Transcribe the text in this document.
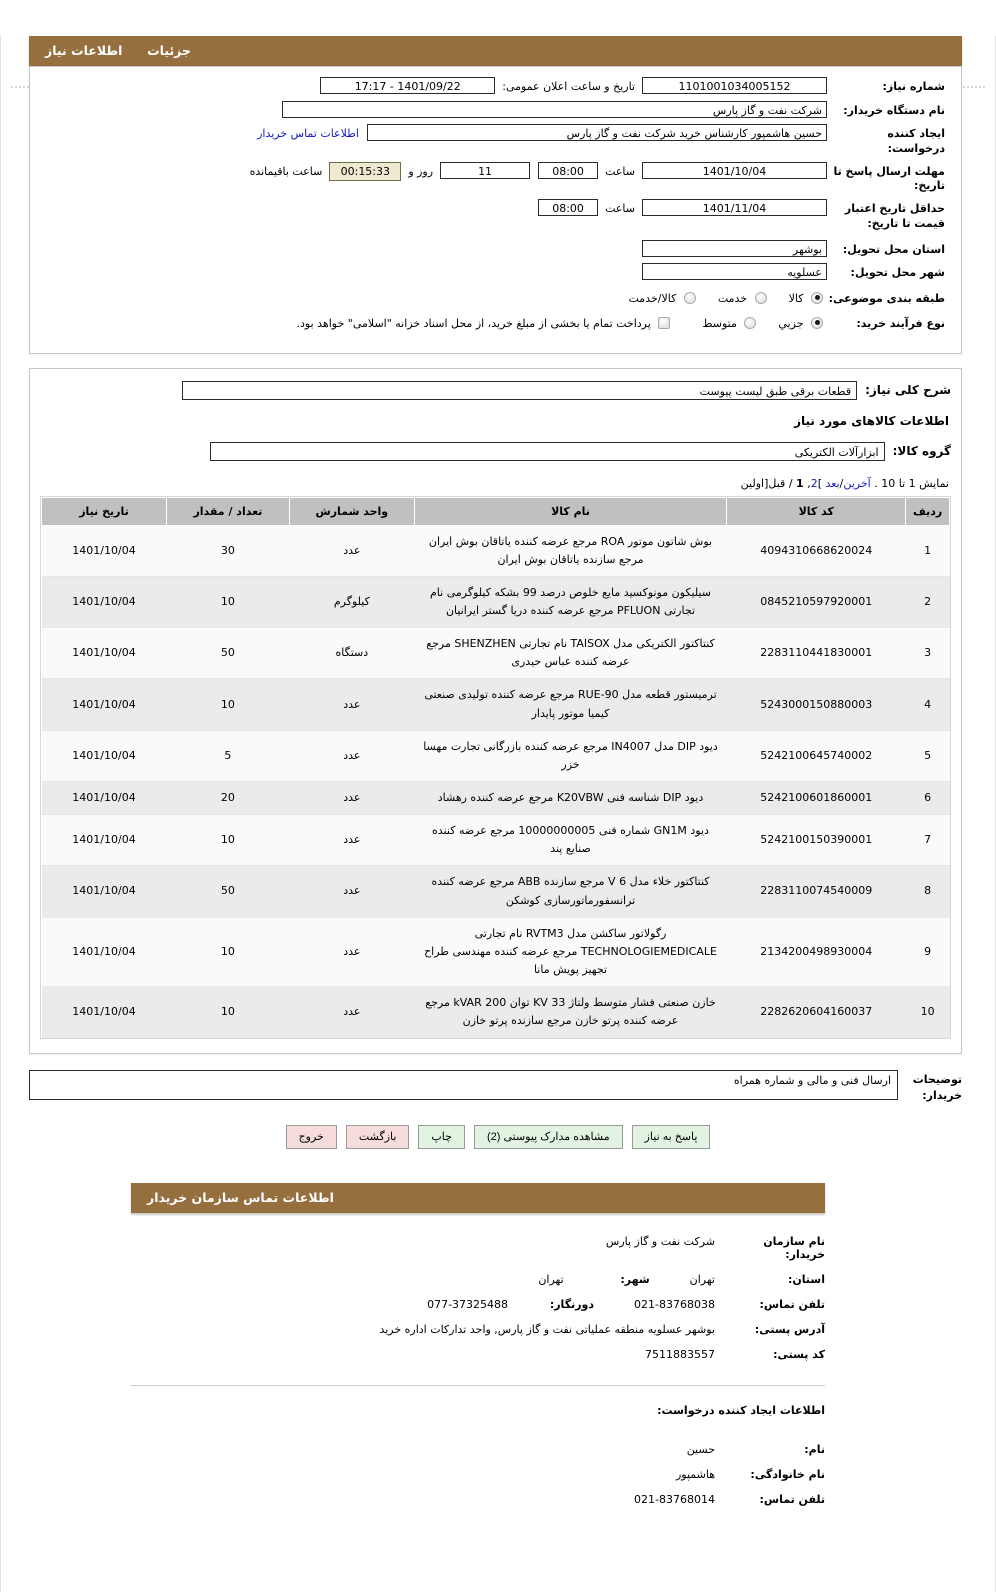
جزئیات  اطلاعات نیاز
شماره نیاز:
1101001034005152
تاریخ و ساعت اعلان عمومی:
1401/09/22 - 17:17
نام دستگاه خریدار:
شرکت نفت و گاز پارس
ایجاد کننده درخواست:
حسین هاشمپور کارشناس خرید شرکت نفت و گاز پارس
اطلاعات تماس خریدار
مهلت ارسال پاسخ تا تاریخ:
1401/10/04
ساعت
08:00
11
روز و
00:15:33
ساعت باقیمانده
حداقل تاریخ اعتبار قیمت تا تاریخ:
1401/11/04
ساعت
08:00
استان محل تحویل:
بوشهر
شهر محل تحویل:
عسلویه
طبقه بندی موضوعی:
کالا
خدمت
کالا/خدمت
نوع فرآیند خرید:
جزيي
متوسط
پرداخت تمام یا بخشی از مبلغ خرید، از محل اسناد خزانه "اسلامی" خواهد بود.
شرح کلی نیاز:
قطعات برقی طبق لیست پیوست
اطلاعات کالاهای مورد نیاز
گروه کالا:
ابزارآلات الکتریکی
نمایش 1 تا 10 . آخرین/بعد ]2, 1 / قبل[اولین
ردیف	کد کالا	نام کالا	واحد شمارش	تعداد / مقدار	تاریخ نیاز
1	4094310668620024	بوش شاتون موتور ROA مرجع عرضه کننده یاتاقان بوش ایران مرجع سازنده یاتاقان بوش ایران	عدد	30	1401/10/04
2	0845210597920001	سیلیکون مونوکسید مایع خلوص درصد 99 بشکه کیلوگرمی نام تجارتی PFLUON مرجع عرضه کننده دریا گستر ایرانیان	کیلوگرم	10	1401/10/04
3	2283110441830001	کنتاکتور الکتریکی مدل TAISOX نام تجارتی SHENZHEN مرجع عرضه کننده عباس حیدری	دستگاه	50	1401/10/04
4	5243000150880003	ترمیستور قطعه مدل RUE-90 مرجع عرضه کننده تولیدی صنعتی کیمیا موتور پایدار	عدد	10	1401/10/04
5	5242100645740002	دیود DIP مدل IN4007 مرجع عرضه کننده بازرگانی تجارت مهسا خزر	عدد	5	1401/10/04
6	5242100601860001	دیود DIP شناسه فنی K20VBW مرجع عرضه کننده رهشاد	عدد	20	1401/10/04
7	5242100150390001	دیود GN1M شماره فنی 10000000005 مرجع عرضه کننده صنایع پند	عدد	10	1401/10/04
8	2283110074540009	کنتاکتور خلاء مدل 6 V مرجع سازنده ABB مرجع عرضه کننده ترانسفورماتورسازی کوشکن	عدد	50	1401/10/04
9	2134200498930004	رگولاتور ساکشن مدل RVTM3 نام تجارتی TECHNOLOGIEMEDICALE مرجع عرضه کننده مهندسی طراح تجهیز پویش مانا	عدد	10	1401/10/04
10	2282620604160037	خازن صنعتی فشار متوسط ولتاژ 33 KV توان 200 kVAR مرجع عرضه کننده پرتو خازن مرجع سازنده پرتو خازن	عدد	10	1401/10/04
توضیحات خریدار:
ارسال فنی و مالی و شماره همراه
پاسخ به نیاز
مشاهده مدارک پیوستی (2)
چاپ
بازگشت
خروج
اطلاعات تماس سازمان خریدار
نام سازمان خریدار:
شرکت نفت و گاز پارس
استان:
تهران
شهر:
تهران
تلفن تماس:
021-83768038
دورنگار:
077-37325488
آدرس پستی:
بوشهر عسلویه منطقه عملیاتی نفت و گاز پارس, واحد تدارکات اداره خرید
کد پستی:
7511883557
اطلاعات ایجاد کننده درخواست:
نام:
حسین
نام خانوادگی:
هاشمپور
تلفن تماس:
021-83768014
